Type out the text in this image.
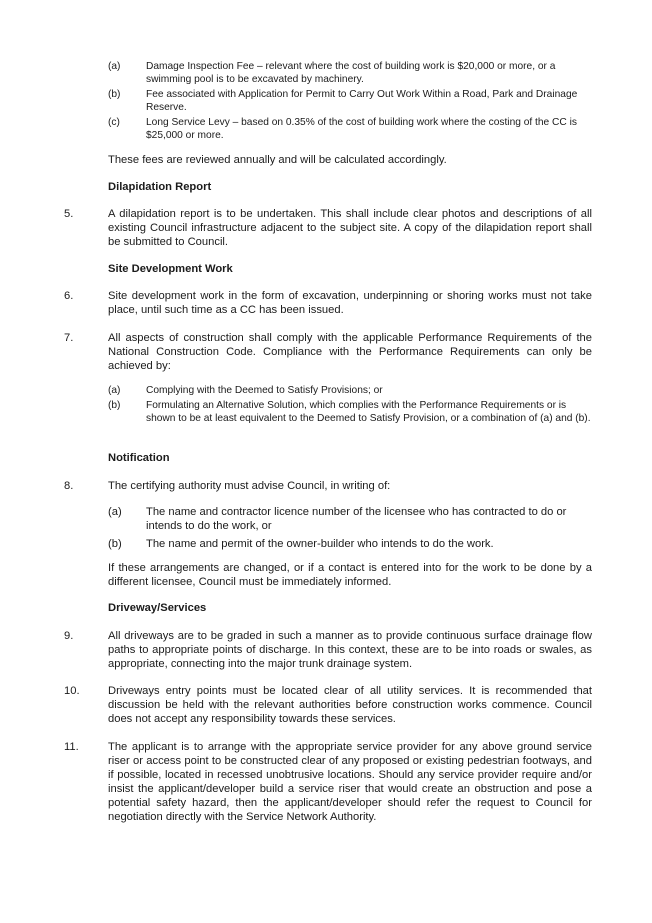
(a)	Damage Inspection Fee – relevant where the cost of building work is $20,000 or more, or a swimming pool is to be excavated by machinery.
(b)	Fee associated with Application for Permit to Carry Out Work Within a Road, Park and Drainage Reserve.
(c)	Long Service Levy – based on 0.35% of the cost of building work where the costing of the CC is $25,000 or more.
These fees are reviewed annually and will be calculated accordingly.
Dilapidation Report
5.	A dilapidation report is to be undertaken. This shall include clear photos and descriptions of all existing Council infrastructure adjacent to the subject site. A copy of the dilapidation report shall be submitted to Council.
Site Development Work
6.	Site development work in the form of excavation, underpinning or shoring works must not take place, until such time as a CC has been issued.
7.	All aspects of construction shall comply with the applicable Performance Requirements of the National Construction Code. Compliance with the Performance Requirements can only be achieved by:
(a)	Complying with the Deemed to Satisfy Provisions; or
(b)	Formulating an Alternative Solution, which complies with the Performance Requirements or is shown to be at least equivalent to the Deemed to Satisfy Provision, or a combination of (a) and (b).
Notification
8.	The certifying authority must advise Council, in writing of:
(a) The name and contractor licence number of the licensee who has contracted to do or intends to do the work, or
(b) The name and permit of the owner-builder who intends to do the work.
If these arrangements are changed, or if a contact is entered into for the work to be done by a different licensee, Council must be immediately informed.
Driveway/Services
9.	All driveways are to be graded in such a manner as to provide continuous surface drainage flow paths to appropriate points of discharge. In this context, these are to be into roads or swales, as appropriate, connecting into the major trunk drainage system.
10.	Driveways entry points must be located clear of all utility services. It is recommended that discussion be held with the relevant authorities before construction works commence. Council does not accept any responsibility towards these services.
11.	The applicant is to arrange with the appropriate service provider for any above ground service riser or access point to be constructed clear of any proposed or existing pedestrian footways, and if possible, located in recessed unobtrusive locations. Should any service provider require and/or insist the applicant/developer build a service riser that would create an obstruction and pose a potential safety hazard, then the applicant/developer should refer the request to Council for negotiation directly with the Service Network Authority.
